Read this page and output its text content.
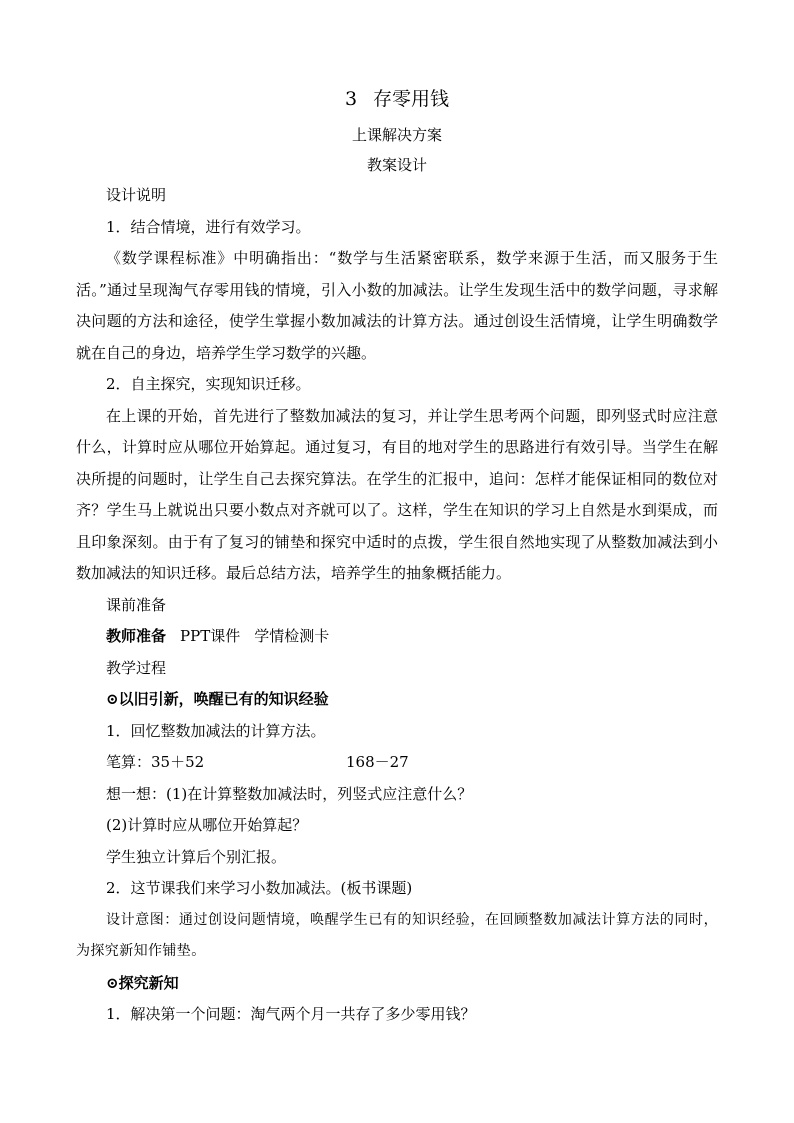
3 存零用钱

上课解决方案

教案设计

设计说明

1．结合情境，进行有效学习。

《数学课程标准》中明确指出：“数学与生活紧密联系，数学来源于生活，而又服务于生活。”通过呈现淘气存零用钱的情境，引入小数的加减法。让学生发现生活中的数学问题，寻求解决问题的方法和途径，使学生掌握小数加减法的计算方法。通过创设生活情境，让学生明确数学就在自己的身边，培养学生学习数学的兴趣。

2．自主探究，实现知识迁移。

在上课的开始，首先进行了整数加减法的复习，并让学生思考两个问题，即列竖式时应注意什么，计算时应从哪位开始算起。通过复习，有目的地对学生的思路进行有效引导。当学生在解决所提的问题时，让学生自己去探究算法。在学生的汇报中，追问：怎样才能保证相同的数位对齐？学生马上就说出只要小数点对齐就可以了。这样，学生在知识的学习上自然是水到渠成，而且印象深刻。由于有了复习的铺垫和探究中适时的点拨，学生很自然地实现了从整数加减法到小数加减法的知识迁移。最后总结方法，培养学生的抽象概括能力。

课前准备

教师准备 PPT课件 学情检测卡

教学过程

⊙以旧引新，唤醒已有的知识经验

1．回忆整数加减法的计算方法。

笔算：35＋52	168－27

想一想：(1)在计算整数加减法时，列竖式应注意什么？

(2)计算时应从哪位开始算起？

学生独立计算后个别汇报。

2．这节课我们来学习小数加减法。(板书课题)

设计意图：通过创设问题情境，唤醒学生已有的知识经验，在回顾整数加减法计算方法的同时，为探究新知作铺垫。

⊙探究新知

1．解决第一个问题：淘气两个月一共存了多少零用钱？
